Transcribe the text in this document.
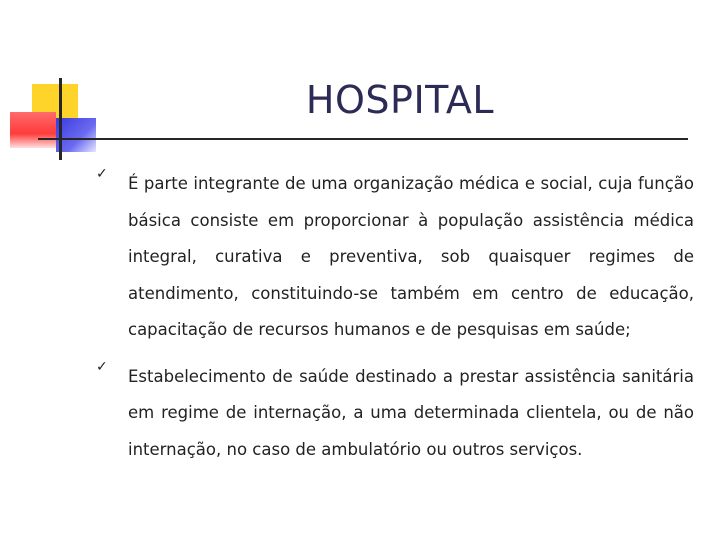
HOSPITAL
✓ É parte integrante de uma organização médica e social, cuja função básica consiste em proporcionar à população assistência médica integral, curativa e preventiva, sob quaisquer regimes de atendimento, constituindo-se também em centro de educação, capacitação de recursos humanos e de pesquisas em saúde;
✓ Estabelecimento de saúde destinado a prestar assistência sanitária em regime de internação, a uma determinada clientela, ou de não internação, no caso de ambulatório ou outros serviços.
